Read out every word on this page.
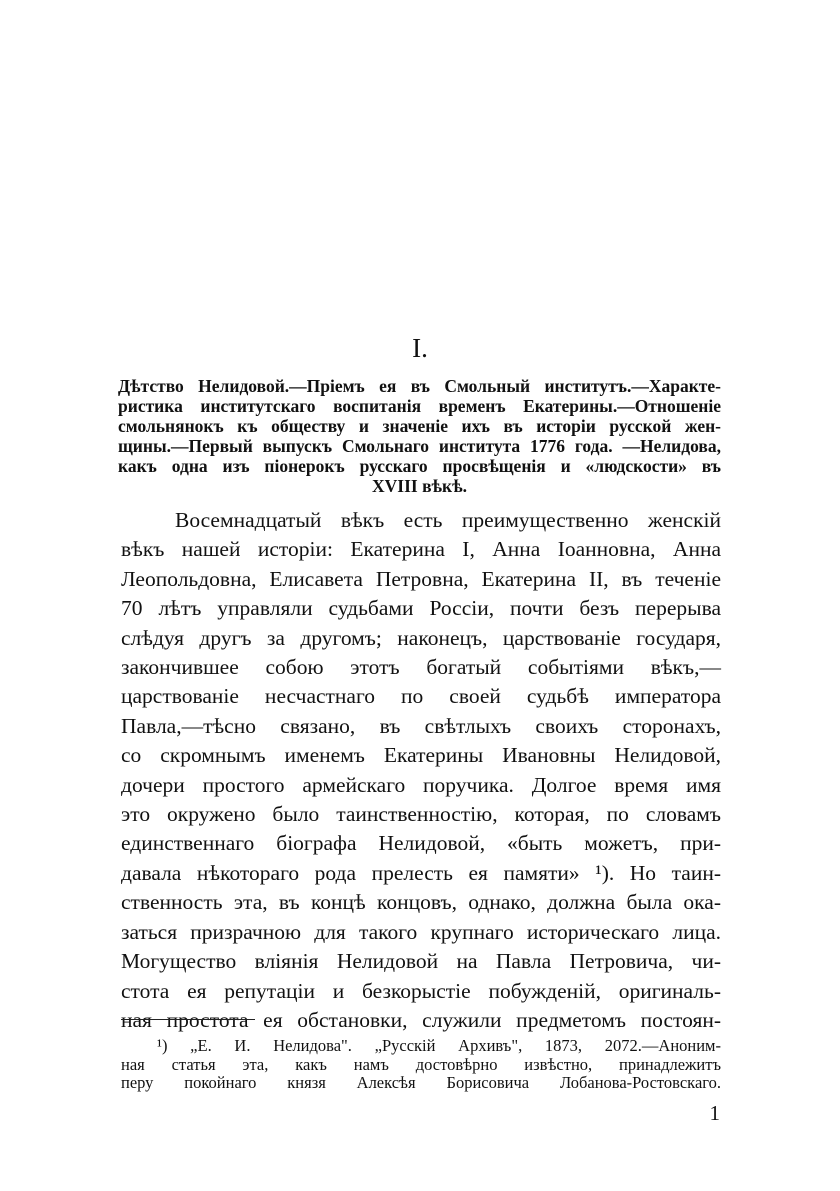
I.
Дѣтство Нелидовой.—Пріемъ ея въ Смольный институтъ.—Характе-
ристика институтскаго воспитанія временъ Екатерины.—Отношеніе
смольнянокъ къ обществу и значеніе ихъ въ исторіи русской жен-
щины.—Первый выпускъ Смольнаго института 1776 года. —Нелидова,
какъ одна изъ піонерокъ русскаго просвѣщенія и «людскости» въ
XVIII вѣкѣ.
Восемнадцатый вѣкъ есть преимущественно женскій
вѣкъ нашей исторіи: Екатерина I, Анна Іоанновна, Анна
Леопольдовна, Елисавета Петровна, Екатерина II, въ теченіе
70 лѣтъ управляли судьбами Россіи, почти безъ перерыва
слѣдуя другъ за другомъ; наконецъ, царствованіе государя,
закончившее собою этотъ богатый событіями вѣкъ,—
царствованіе несчастнаго по своей судьбѣ императора
Павла,—тѣсно связано, въ свѣтлыхъ своихъ сторонахъ,
со скромнымъ именемъ Екатерины Ивановны Нелидовой,
дочери простого армейскаго поручика. Долгое время имя
это окружено было таинственностію, которая, по словамъ
единственнаго біографа Нелидовой, «быть можетъ, при-
давала нѣкотораго рода прелесть ея памяти» ¹). Но таин-
ственность эта, въ концѣ концовъ, однако, должна была ока-
заться призрачною для такого крупнаго историческаго лица.
Могущество вліянія Нелидовой на Павла Петровича, чи-
стота ея репутаціи и безкорыстіе побужденій, оригиналь-
ная простота ея обстановки, служили предметомъ постоян-
¹) „Е. И. Нелидова". „Русскій Архивъ", 1873, 2072.—Аноним-
ная статья эта, какъ намъ достовѣрно извѣстно, принадлежитъ
перу покойнаго князя Алексѣя Борисовича Лобанова-Ростовскаго.
1
